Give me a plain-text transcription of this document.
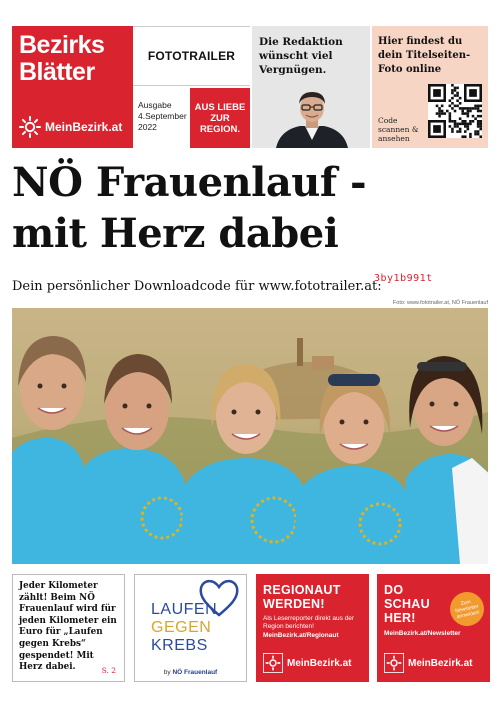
Bezirks
Blätter
MeinBezirk.at
FOTOTRAILER
Ausgabe
4.September
2022
AUS LIEBE ZUR REGION.
Die Redaktion wünscht viel Vergnügen.
Hier findest du dein Titelseiten-Foto online
Code scannen & ansehen
NÖ Frauenlauf -
mit Herz dabei
Dein persönlicher Downloadcode für www.fototrailer.at:
3by1b991t
Foto: www.fototrailer.at, NÖ Frauenlauf
Jeder Kilometer zählt! Beim NÖ Frauenlauf wird für jeden Kilometer ein Euro für „Laufen gegen Krebs“ gespendet! Mit Herz dabei.	S. 2
LAUFEN
GEGEN
KREBS
by NÖ Frauenlauf
REGIONAUT WERDEN!
Als Leserreporter direkt aus der Region berichten!
MeinBezirk.at/Regionaut
MeinBezirk.at
DO SCHAU HER!
MeinBezirk.at/Newsletter
Zum Newsletter anmelden!
MeinBezirk.at
